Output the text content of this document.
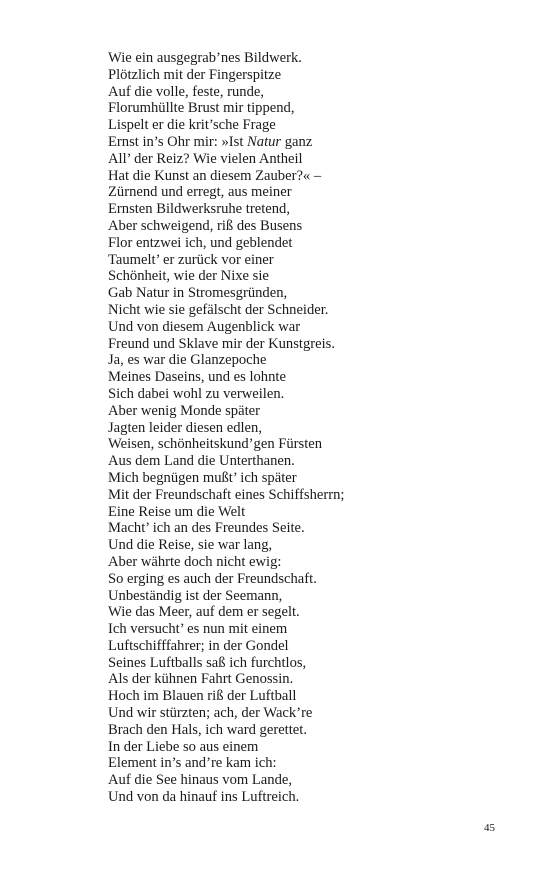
Wie ein ausgegrab’nes Bildwerk.
Plötzlich mit der Fingerspitze
Auf die volle, feste, runde,
Florumhüllte Brust mir tippend,
Lispelt er die krit’sche Frage
Ernst in’s Ohr mir: »Ist Natur ganz
All’ der Reiz? Wie vielen Antheil
Hat die Kunst an diesem Zauber?« –
Zürnend und erregt, aus meiner
Ernsten Bildwerksruhe tretend,
Aber schweigend, riß des Busens
Flor entzwei ich, und geblendet
Taumelt’ er zurück vor einer
Schönheit, wie der Nixe sie
Gab Natur in Stromesgründen,
Nicht wie sie gefälscht der Schneider.
Und von diesem Augenblick war
Freund und Sklave mir der Kunstgreis.
Ja, es war die Glanzepoche
Meines Daseins, und es lohnte
Sich dabei wohl zu verweilen.
Aber wenig Monde später
Jagten leider diesen edlen,
Weisen, schönheitskund’gen Fürsten
Aus dem Land die Unterthanen.
Mich begnügen mußt’ ich später
Mit der Freundschaft eines Schiffsherrn;
Eine Reise um die Welt
Macht’ ich an des Freundes Seite.
Und die Reise, sie war lang,
Aber währte doch nicht ewig:
So erging es auch der Freundschaft.
Unbeständig ist der Seemann,
Wie das Meer, auf dem er segelt.
Ich versucht’ es nun mit einem
Luftschifffahrer; in der Gondel
Seines Luftballs saß ich furchtlos,
Als der kühnen Fahrt Genossin.
Hoch im Blauen riß der Luftball
Und wir stürzten; ach, der Wack’re
Brach den Hals, ich ward gerettet.
In der Liebe so aus einem
Element in’s and’re kam ich:
Auf die See hinaus vom Lande,
Und von da hinauf ins Luftreich.
45
